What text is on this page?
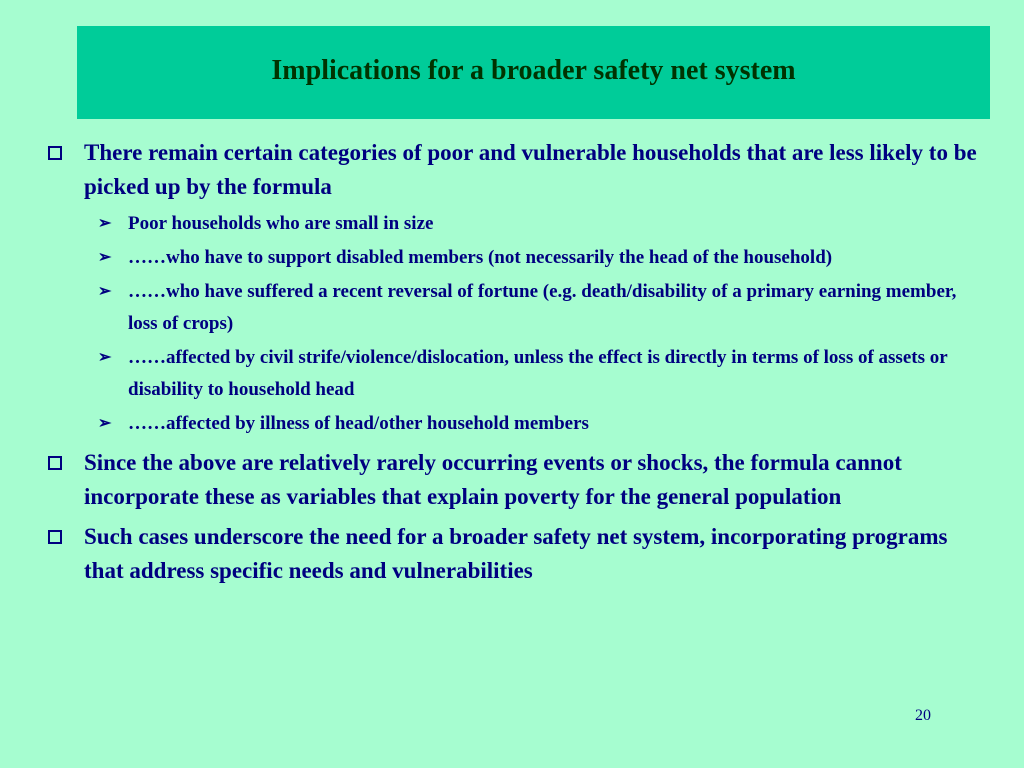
Implications for a broader safety net system
There remain certain categories of poor and vulnerable households that are less likely to be picked up by the formula
➢ Poor households who are small in size
➢ ……who have to support disabled members (not necessarily the head of the household)
➢ ……who have suffered a recent reversal of fortune (e.g. death/disability of a primary earning member, loss of crops)
➢ ……affected by civil strife/violence/dislocation, unless the effect is directly in terms of loss of assets or disability to household head
➢ ……affected by illness of head/other household members
Since the above are relatively rarely occurring events or shocks, the formula cannot incorporate these as variables that explain poverty for the general population
Such cases underscore the need for a broader safety net system, incorporating programs that address specific needs and vulnerabilities
20
